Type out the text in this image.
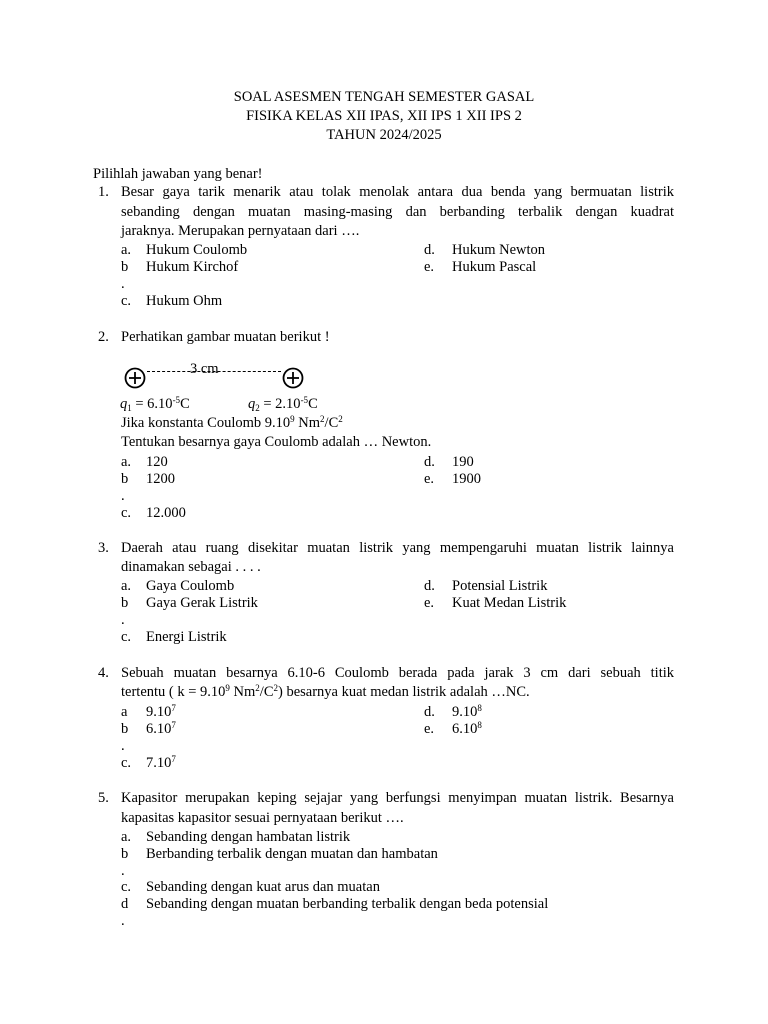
SOAL ASESMEN TENGAH SEMESTER GASAL
FISIKA KELAS XII IPAS, XII IPS 1 XII IPS 2
TAHUN 2024/2025
Pilihlah jawaban yang benar!
1. Besar gaya tarik menarik atau tolak menolak antara dua benda yang bermuatan listrik
sebanding dengan muatan masing-masing dan berbanding terbalik dengan kuadrat
jaraknya. Merupakan pernyataan dari ….
a. Hukum Coulomb
b Hukum Kirchof
.
c. Hukum Ohm
d. Hukum Newton
e. Hukum Pascal
2. Perhatikan gambar muatan berikut !
3 cm
$q_1 = 6.10^{-5}C$	$q_2 = 2.10^{-5}C$
Jika konstanta Coulomb 9.10$^9$ $Nm^2/C^2$
Tentukan besarnya gaya Coulomb adalah … Newton.
a. 120
b 1200
.
c. 12.000
d. 190
e. 1900
3. Daerah atau ruang disekitar muatan listrik yang mempengaruhi muatan listrik lainnya
dinamakan sebagai . . . .
a. Gaya Coulomb
b Gaya Gerak Listrik
.
c. Energi Listrik
d. Potensial Listrik
e. Kuat Medan Listrik
4. Sebuah muatan besarnya 6.10-6 Coulomb berada pada jarak 3 cm dari sebuah titik
tertentu ( $k = 9.10^9$ $Nm^2/C^2$) besarnya kuat medan listrik adalah …NC.
a 9.10$^7$
b 6.10$^7$
.
c. 7.10$^7$
d. 9.10$^8$
e. 6.10$^8$
5. Kapasitor merupakan keping sejajar yang berfungsi menyimpan muatan listrik. Besarnya
kapasitas kapasitor sesuai pernyataan berikut ….
a. Sebanding dengan hambatan listrik
b Berbanding terbalik dengan muatan dan hambatan
.
c. Sebanding dengan kuat arus dan muatan
d Sebanding dengan muatan berbanding terbalik dengan beda potensial
.
